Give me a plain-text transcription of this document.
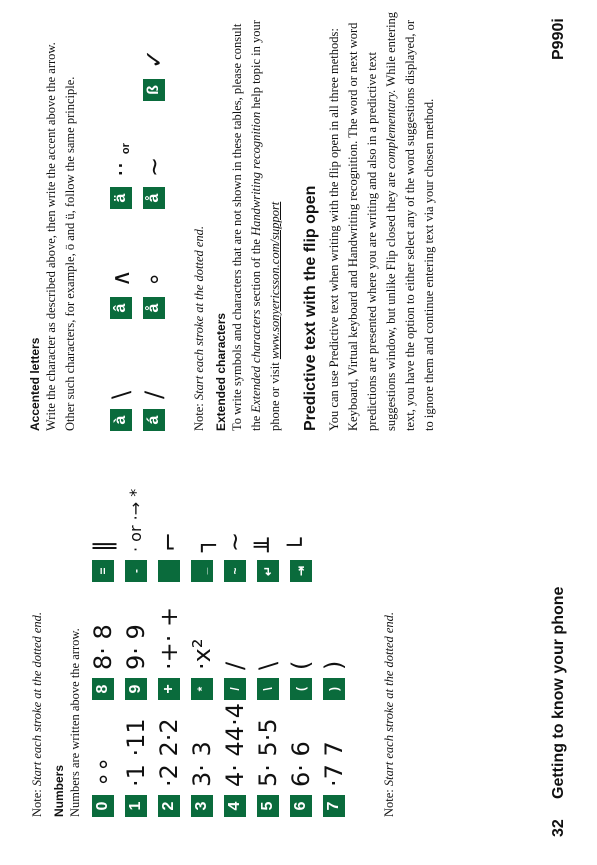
Note: Start each stroke at the dotted end.
Numbers Numbers are written above the arrow. 0 1 2 3 4 5 6 7
∘∘ ·1 ·11 ·2 2·2 3· 3 4· 44·4 5· 5·5 6· 6 ·7 7
8 9 +	*	/	\	(	)
8· 8 9· 9 ·+· + ·x² / \ ( )
=	-	_	~	↵	⇥
‖ · or ·→ * ⌐ ┐ ~ ╨ └
Note: Start each stroke at the dotted end.
Accented letters Write the character as described above, then write the accent above the arrow. Other such characters, for example, ö and ü, follow the same principle. à á
\ /
â å
∧ ∘
ä å
·· or
ß
∼
✓
Note: Start each stroke at the dotted end. Extended characters To write symbols and characters that are not shown in these tables, please consult the Extended characters section of the Handwriting recognition help topic in your phone or visit www.sonyericsson.com/support Predictive text with the flip open You can use Predictive text when writing with the flip open in all three methods: Keyboard, Virtual keyboard and Handwriting recognition. The word or next word predictions are presented where you are writing and also in a predictive text suggestions window, but unlike Flip closed they are complementary. While entering text, you have the option to either select any of the word suggestions displayed, or to ignore them and continue entering text via your chosen method.
32
Getting to know your phone
P990i
